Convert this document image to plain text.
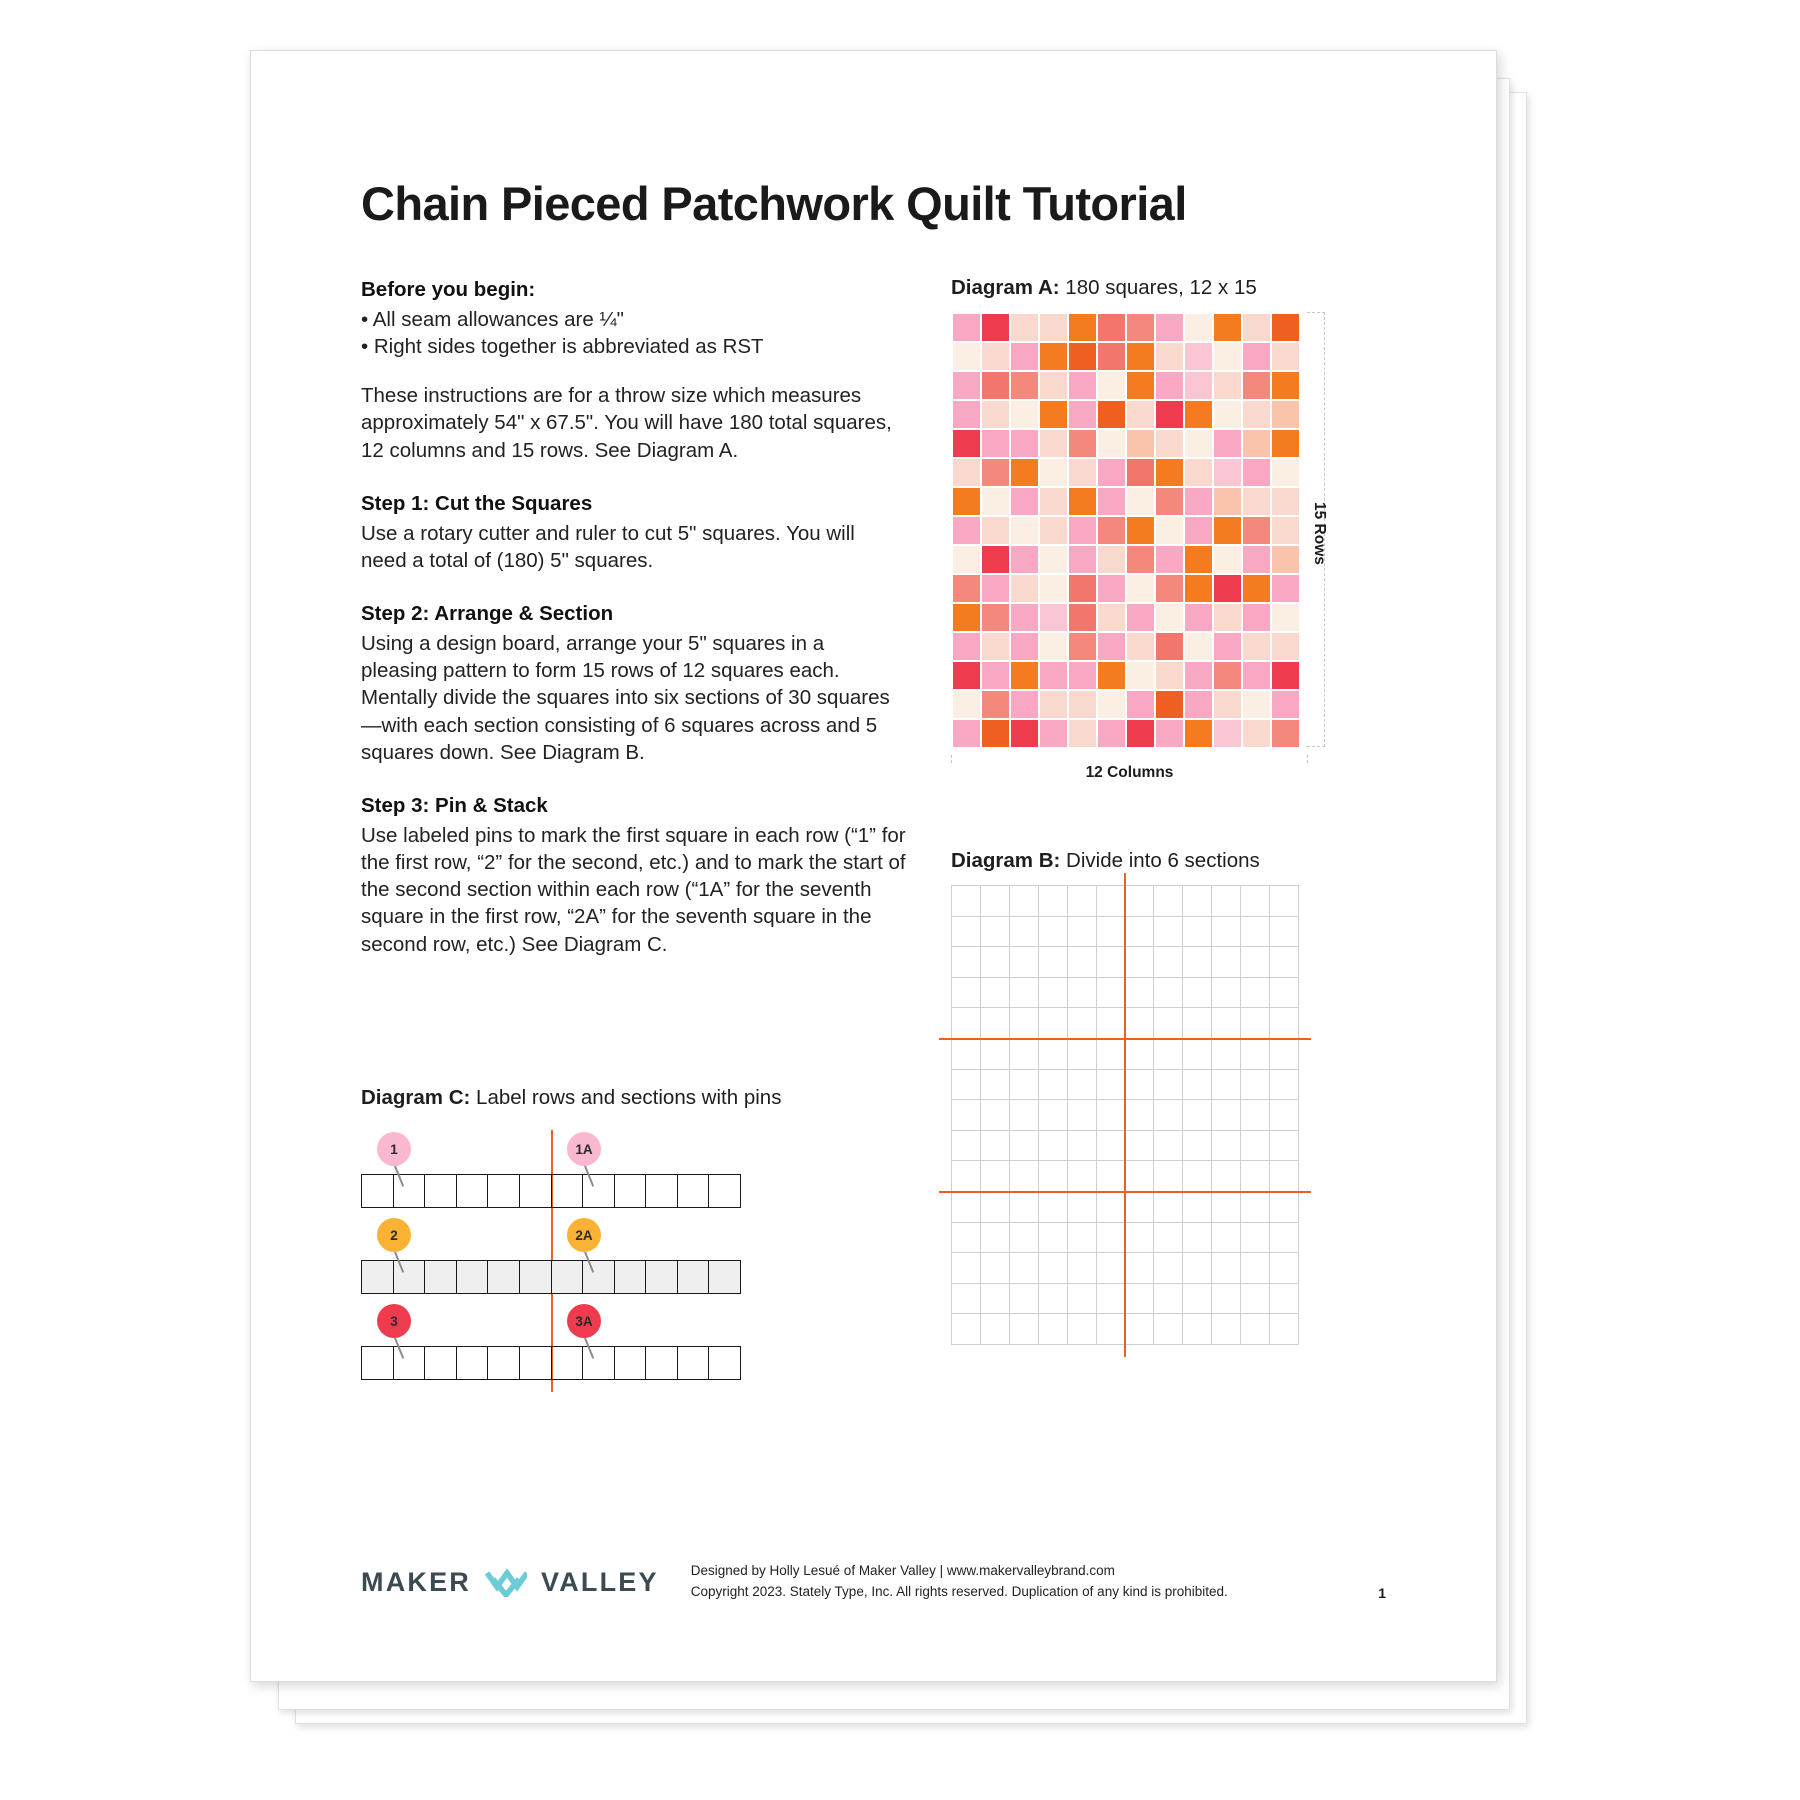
Chain Pieced Patchwork Quilt Tutorial
Before you begin:

• All seam allowances are ¼"

• Right sides together is abbreviated as RST

These instructions are for a throw size which measures approximately 54" x 67.5". You will have 180 total squares, 12 columns and 15 rows. See Diagram A.

Step 1: Cut the Squares

Use a rotary cutter and ruler to cut 5" squares. You will need a total of (180) 5" squares.

Step 2: Arrange & Section

Using a design board, arrange your 5" squares in a pleasing pattern to form 15 rows of 12 squares each. Mentally divide the squares into six sections of 30 squares—with each section consisting of 6 squares across and 5 squares down. See Diagram B.

Step 3: Pin & Stack

Use labeled pins to mark the first square in each row (“1” for the first row, “2” for the second, etc.) and to mark the start of the second section within each row (“1A” for the seventh square in the first row, “2A” for the seventh square in the second row, etc.) See Diagram C.

Diagram C: Label rows and sections with pins
1	1A
2	2A
3	3A
Diagram A: 180 squares, 12 x 15
15 Rows
12 Columns
Diagram B: Divide into 6 sections
MAKER	VALLEY Designed by Holly Lesué of Maker Valley | www.makervalleybrand.com
Copyright 2023. Stately Type, Inc. All rights reserved. Duplication of any kind is prohibited.	1
